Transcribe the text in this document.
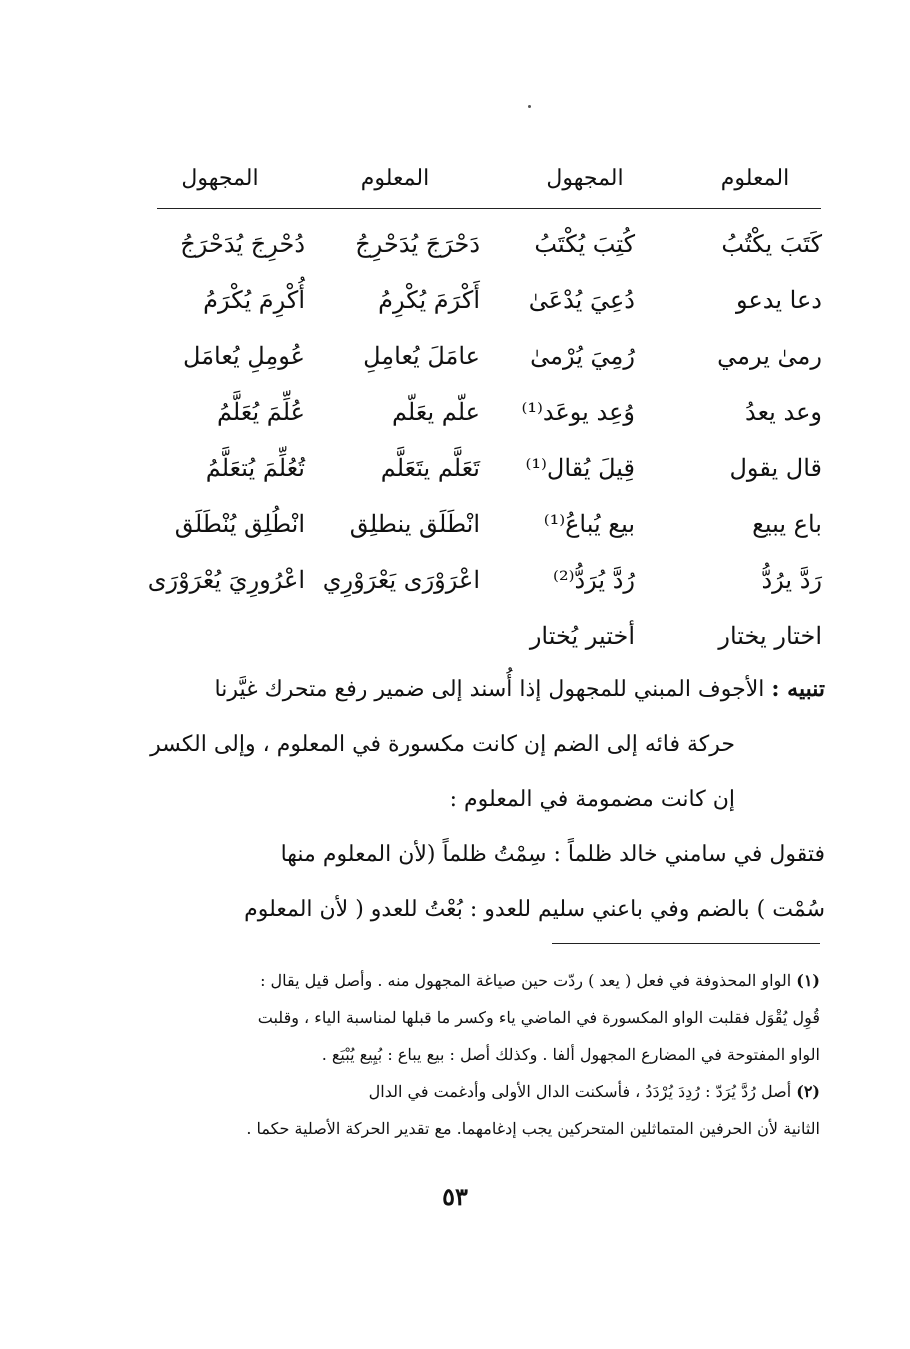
المعلوم
المجهول
المعلوم
المجهول
كَتَبَ يكْتُبُ
كُتِبَ يُكْتَبُ
دَحْرَجَ يُدَحْرِجُ
دُحْرِجَ يُدَحْرَجُ
دعا يدعو
دُعِيَ يُدْعَىٰ
أَكْرَمَ يُكْرِمُ
أُكْرِمَ يُكْرَمُ
رمىٰ يرمي
رُمِيَ يُرْمىٰ
عامَلَ يُعامِلِ
عُومِلِ يُعامَل
وعد يعدُ
وُعِد يوعَد⁽¹⁾
علّم يعَلّم
عُلِّمَ يُعَلَّمُ
قال يقول
قِيلَ يُقال⁽¹⁾
تَعَلَّم يتَعَلَّم
تُعُلِّمَ يُتعَلَّمُ
باع يبيع
بيع يُباعُ⁽¹⁾
انْطَلَق ينطلِق
انْطُلِق يُنْطَلَق
رَدَّ يرُدُّ
رُدَّ يُرَدُّ⁽²⁾
اعْرَوْرَى يَعْرَوْرِي
اعْرُورِيَ يُعْرَوْرَى
اختار يختار
أختير يُختار
تنبيه : الأجوف المبني للمجهول إذا أُسند إلى ضمير رفع متحرك غيَّرنا
حركة فائه إلى الضم إن كانت مكسورة في المعلوم ، وإلى الكسر
إن كانت مضمومة في المعلوم :
فتقول في سامني خالد ظلماً : سِمْتُ ظلماً (لأن المعلوم منها
سُمْت ) بالضم وفي باعني سليم للعدو : بُعْتُ للعدو ( لأن المعلوم
(١) الواو المحذوفة في فعل ( يعد ) ردّت حين صياغة المجهول منه . وأصل قيل يقال :
قُوِل يُقْوَل فقلبت الواو المكسورة في الماضي ياء وكسر ما قبلها لمناسبة الياء ، وقلبت
الواو المفتوحة في المضارع المجهول ألفا . وكذلك أصل : بيع يباع : بُيِيع يُبْيَع .
(٢) أصل رُدَّ يُرَدّ : رُدِدَ يُرْدَدُ ، فأسكنت الدال الأولى وأدغمت في الدال
الثانية لأن الحرفين المتماثلين المتحركين يجب إدغامهما. مع تقدير الحركة الأصلية حكما .
٥٣
